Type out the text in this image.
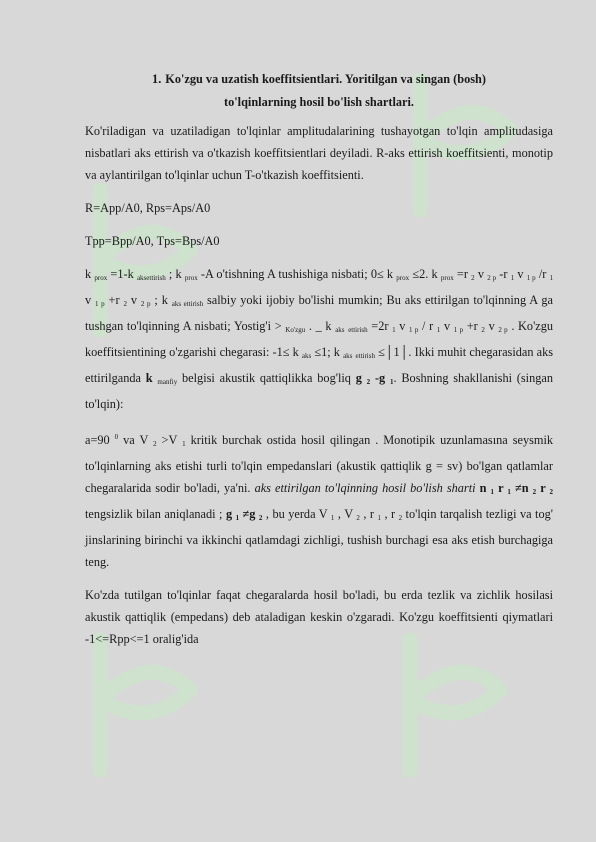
1. Ko'zgu va uzatish koeffitsientlari. Yoritilgan va singan (bosh)
to'lqinlarning hosil bo'lish shartlari.

Ko'riladigan va uzatiladigan to'lqinlar amplitudalarining tushayotgan to'lqin amplitudasiga nisbatlari aks ettirish va o'tkazish koeffitsientlari deyiladi. R-aks ettirish koeffitsienti, monotip va aylantirilgan to'lqinlar uchun T-o'tkazish koeffitsienti.

R=App/A0, Rps=Aps/A0

Tpp=Bpp/A0, Tps=Bps/A0

k $_{prox}$ =1-k $_{aksettirish}$ ; k $_{prox}$ -A o'tishning A tushishiga nisbati; 0≤ k $_{prox}$ ≤2. k $_{prox}$ =r $_2$ v $_{2 p}$ -r $_1$ v $_{1 p}$ /r $_1$ v $_{1 p}$ +r $_2$ v $_{2 p}$ ; k $_{aks ettirish}$ salbiy yoki ijobiy bo'lishi mumkin; Bu aks ettirilgan to'lqinning A ga tushgan to'lqinning A nisbati; Yostig'i > $_{Ko'zgu}$ . _ k $_{aks}$ $_{ettirish}$ =2r $_1$ v $_{1 p}$ / r $_1$ v $_{1 p}$ +r $_2$ v $_{2 p}$ . Ko'zgu koeffitsientining o'zgarishi chegarasi: -1≤ k $_{aks}$ ≤1; k $_{aks}$ $_{ettirish}$ ≤│1│. Ikki muhit chegarasidan aks ettirilganda k $_{manfiy}$ belgisi akustik qattiqlikka bog'liq g $_2$ -g $_1$. Boshning shakllanishi (singan to'lqin):

a=90 $^0$ va V $_2$ >V $_1$ kritik burchak ostida hosil qilingan . Monotipik uzunlamasına seysmik to'lqinlarning aks etishi turli to'lqin empedanslari (akustik qattiqlik g = sv) bo'lgan qatlamlar chegaralarida sodir bo'ladi, ya'ni. aks ettirilgan to'lqinning hosil bo'lish sharti n $_1$ r $_1$ ≠n $_2$ r $_2$ tengsizlik bilan aniqlanadi ; g $_1$ ≠g $_2$ , bu yerda V $_1$ , V $_2$ , r $_1$ , r $_2$ to'lqin tarqalish tezligi va tog' jinslarining birinchi va ikkinchi qatlamdagi zichligi, tushish burchagi esa aks etish burchagiga teng.

Ko'zda tutilgan to'lqinlar faqat chegaralarda hosil bo'ladi, bu erda tezlik va zichlik hosilasi akustik qattiqlik (empedans) deb ataladigan keskin o'zgaradi. Ko'zgu koeffitsienti qiymatlari -1<=Rpp<=1 oralig'ida
